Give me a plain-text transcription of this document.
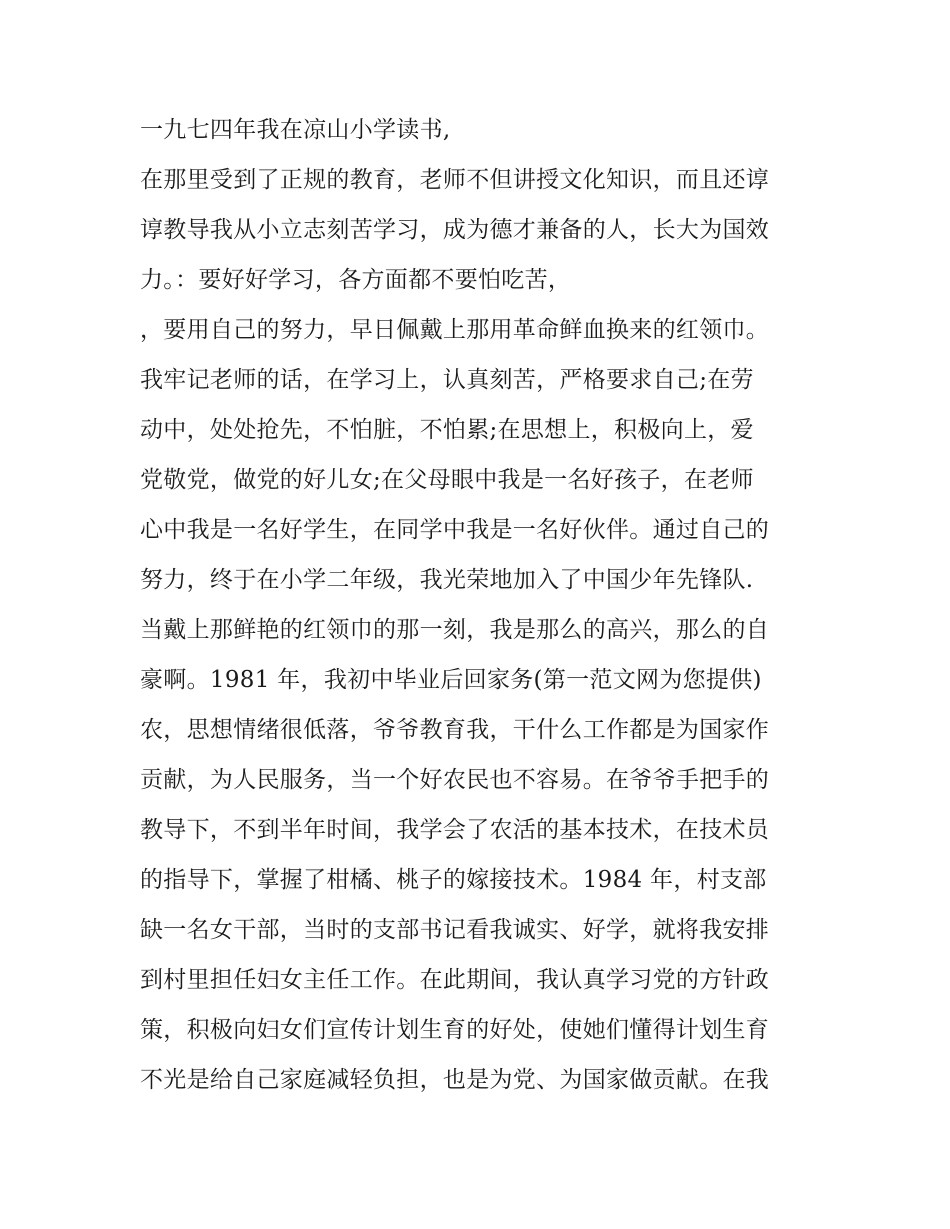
一九七四年我在凉山小学读书,
在那里受到了正规的教育，老师不但讲授文化知识，而且还谆
谆教导我从小立志刻苦学习，成为德才兼备的人，长大为国效
力。：要好好学习，各方面都不要怕吃苦，
，要用自己的努力，早日佩戴上那用革命鲜血换来的红领巾。
我牢记老师的话，在学习上，认真刻苦，严格要求自己;在劳
动中，处处抢先，不怕脏，不怕累;在思想上，积极向上，爱
党敬党，做党的好儿女;在父母眼中我是一名好孩子，在老师
心中我是一名好学生，在同学中我是一名好伙伴。通过自己的
努力，终于在小学二年级，我光荣地加入了中国少年先锋队.
当戴上那鲜艳的红领巾的那一刻，我是那么的高兴，那么的自
豪啊。1981 年，我初中毕业后回家务(第一范文网为您提供)
农，思想情绪很低落，爷爷教育我，干什么工作都是为国家作
贡献，为人民服务，当一个好农民也不容易。在爷爷手把手的
教导下，不到半年时间，我学会了农活的基本技术，在技术员
的指导下，掌握了柑橘、桃子的嫁接技术。1984 年，村支部
缺一名女干部，当时的支部书记看我诚实、好学，就将我安排
到村里担任妇女主任工作。在此期间，我认真学习党的方针政
策，积极向妇女们宣传计划生育的好处，使她们懂得计划生育
不光是给自己家庭减轻负担，也是为党、为国家做贡献。在我
